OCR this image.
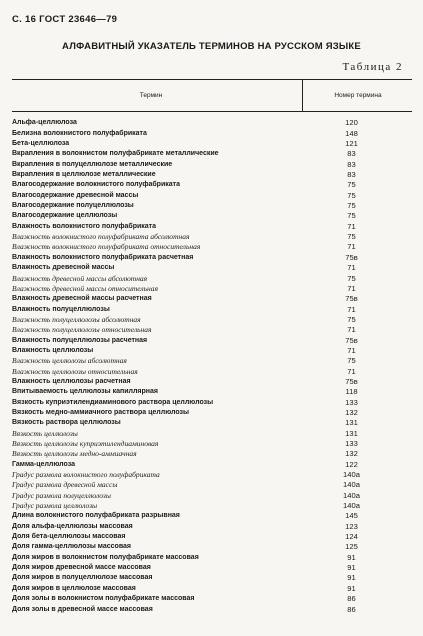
С. 16 ГОСТ 23646—79
АЛФАВИТНЫЙ УКАЗАТЕЛЬ ТЕРМИНОВ НА РУССКОМ ЯЗЫКЕ
Таблица 2
Термин	Номер термина
Альфа-целлюлоза	120
Белизна волокнистого полуфабриката	148
Бета-целлюлоза	121
Вкрапления в волокнистом полуфабрикате металлические	83
Вкрапления в полуцеллюлозе металлические	83
Вкрапления в целлюлозе металлические	83
Влагосодержание волокнистого полуфабриката	75
Влагосодержание древесной массы	75
Влагосодержание полуцеллюлозы	75
Влагосодержание целлюлозы	75
Влажность волокнистого полуфабриката	71
Влажность волокнистого полуфабриката абсолютная	75
Влажность волокнистого полуфабриката относительная	71
Влажность волокнистого полуфабриката расчетная	75в
Влажность древесной массы	71
Влажность древесной массы абсолютная	75
Влажность древесной массы относительная	71
Влажность древесной массы расчетная	75в
Влажность полуцеллюлозы	71
Влажность полуцеллюлозы абсолютная	75
Влажность полуцеллюлозы относительная	71
Влажность полуцеллюлозы расчетная	75в
Влажность целлюлозы	71
Влажность целлюлозы абсолютная	75
Влажность целлюлозы относительная	71
Влажность целлюлозы расчетная	75в
Впитываемость целлюлозы капиллярная	118
Вязкость куприэтилендиаминового раствора целлюлозы	133
Вязкость медно-аммиачного раствора целлюлозы	132
Вязкость раствора целлюлозы	131
Вязкость целлюлозы	131
Вязкость целлюлозы куприэтилендиаминовая	133
Вязкость целлюлозы медно-аммиачная	132
Гамма-целлюлоза	122
Градус размола волокнистого полуфабриката	140а
Градус размола древесной массы	140а
Градус размола полуцеллюлозы	140а
Градус размола целлюлозы	140а
Длина волокнистого полуфабриката разрывная	145
Доля альфа-целлюлозы массовая	123
Доля бета-целлюлозы массовая	124
Доля гамма-целлюлозы массовая	125
Доля жиров в волокнистом полуфабрикате массовая	91
Доля жиров древесной массе массовая	91
Доля жиров в полуцеллюлозе массовая	91
Доля жиров в целлюлозе массовая	91
Доля золы в волокнистом полуфабрикате массовая	86
Доля золы в древесной массе массовая	86
